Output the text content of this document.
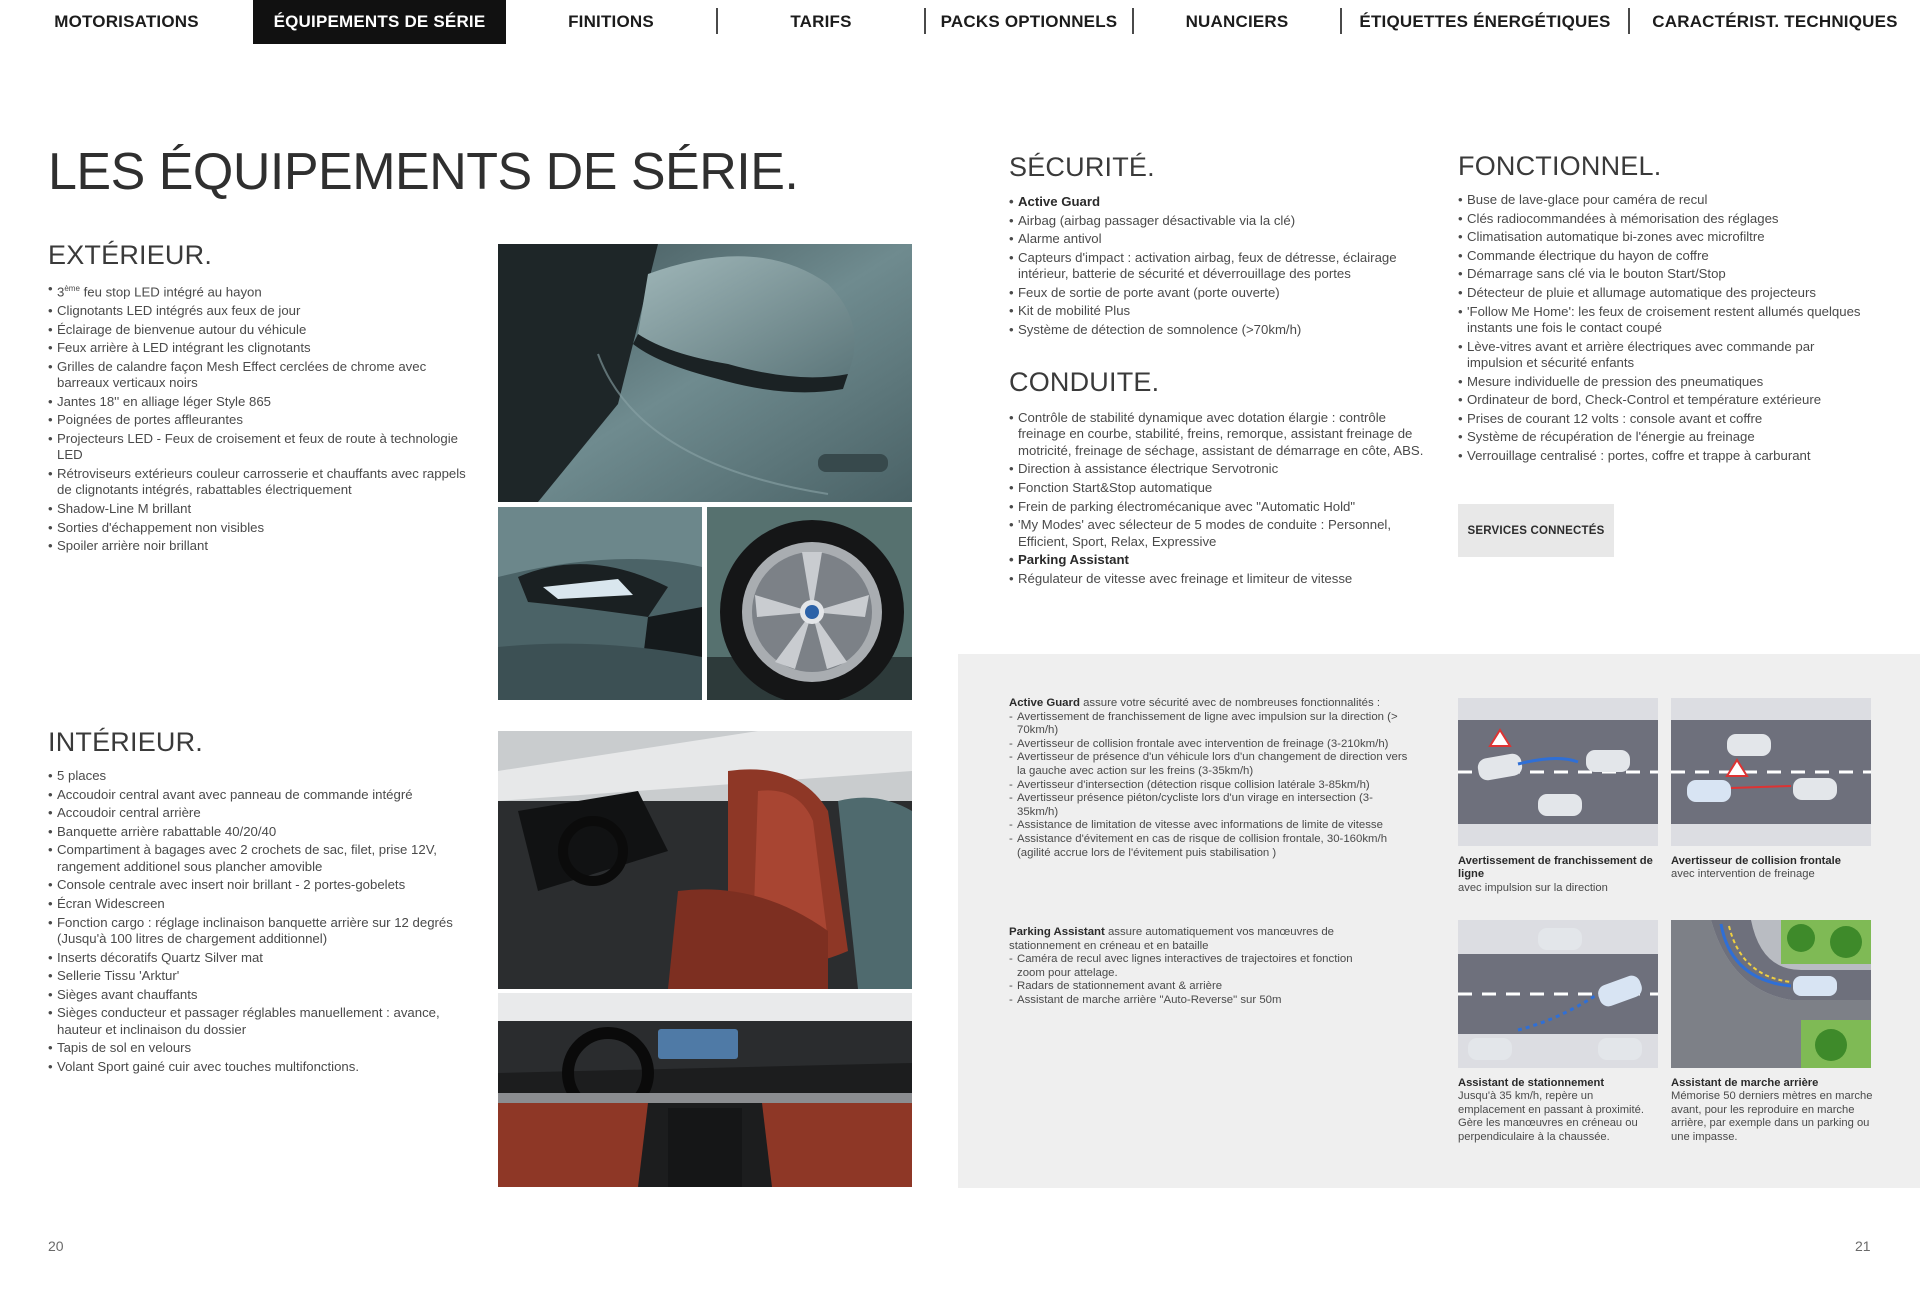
MOTORISATIONS	ÉQUIPEMENTS DE SÉRIE	FINITIONS	TARIFS	PACKS OPTIONNELS	NUANCIERS	ÉTIQUETTES ÉNERGÉTIQUES	CARACTÉRIST. TECHNIQUES
LES ÉQUIPEMENTS DE SÉRIE.
EXTÉRIEUR.
• 3ème feu stop LED intégré au hayon
• Clignotants LED intégrés aux feux de jour
• Éclairage de bienvenue autour du véhicule
• Feux arrière à LED intégrant les clignotants
• Grilles de calandre façon Mesh Effect cerclées de chrome avec barreaux verticaux noirs
• Jantes 18'' en alliage léger Style 865
• Poignées de portes affleurantes
• Projecteurs LED - Feux de croisement et feux de route à technologie LED
• Rétroviseurs extérieurs couleur carrosserie et chauffants avec rappels de clignotants intégrés, rabattables électriquement
• Shadow-Line M brillant
• Sorties d'échappement non visibles
• Spoiler arrière noir brillant
INTÉRIEUR.
• 5 places
• Accoudoir central avant avec panneau de commande intégré
• Accoudoir central arrière
• Banquette arrière rabattable 40/20/40
• Compartiment à bagages avec 2 crochets de sac, filet, prise 12V, rangement additionel sous plancher amovible
• Console centrale avec insert noir brillant - 2 portes-gobelets
• Écran Widescreen
• Fonction cargo : réglage inclinaison banquette arrière sur 12 degrés (Jusqu'à 100 litres de chargement additionnel)
• Inserts décoratifs Quartz Silver mat
• Sellerie Tissu 'Arktur'
• Sièges avant chauffants
• Sièges conducteur et passager réglables manuellement : avance, hauteur et inclinaison du dossier
• Tapis de sol en velours
• Volant Sport gainé cuir avec touches multifonctions.
20
SÉCURITÉ.
• Active Guard
• Airbag (airbag passager désactivable via la clé)
• Alarme antivol
• Capteurs d'impact : activation airbag, feux de détresse, éclairage intérieur, batterie de sécurité et déverrouillage des portes
• Feux de sortie de porte avant (porte ouverte)
• Kit de mobilité Plus
• Système de détection de somnolence (>70km/h)
CONDUITE.
• Contrôle de stabilité dynamique avec dotation élargie : contrôle freinage en courbe, stabilité, freins, remorque, assistant freinage de motricité, freinage de séchage, assistant de démarrage en côte, ABS.
• Direction à assistance électrique Servotronic
• Fonction Start&Stop automatique
• Frein de parking électromécanique avec "Automatic Hold"
• 'My Modes' avec sélecteur de 5 modes de conduite : Personnel, Efficient, Sport, Relax, Expressive
• Parking Assistant
• Régulateur de vitesse avec freinage et limiteur de vitesse
FONCTIONNEL.
• Buse de lave-glace pour caméra de recul
• Clés radiocommandées à mémorisation des réglages
• Climatisation automatique bi-zones avec microfiltre
• Commande électrique du hayon de coffre
• Démarrage sans clé via le bouton Start/Stop
• Détecteur de pluie et allumage automatique des projecteurs
• 'Follow Me Home': les feux de croisement restent allumés quelques instants une fois le contact coupé
• Lève-vitres avant et arrière électriques avec commande par impulsion et sécurité enfants
• Mesure individuelle de pression des pneumatiques
• Ordinateur de bord, Check-Control et température extérieure
• Prises de courant 12 volts : console avant et coffre
• Système de récupération de l'énergie au freinage
• Verrouillage centralisé : portes, coffre et trappe à carburant
SERVICES CONNECTÉS
Active Guard assure votre sécurité avec de nombreuses fonctionnalités :
- Avertissement de franchissement de ligne avec impulsion sur la direction (> 70km/h)
- Avertisseur de collision frontale avec intervention de freinage (3-210km/h)
- Avertisseur de présence d'un véhicule lors d'un changement de direction vers la gauche avec action sur les freins (3-35km/h)
- Avertisseur d'intersection (détection risque collision latérale 3-85km/h)
- Avertisseur présence piéton/cycliste lors d'un virage en intersection (3-35km/h)
- Assistance de limitation de vitesse avec informations de limite de vitesse
- Assistance d'évitement en cas de risque de collision frontale, 30-160km/h (agilité accrue lors de l'évitement puis stabilisation )
Parking Assistant assure automatiquement vos manœuvres de stationnement en créneau et en bataille
- Caméra de recul avec lignes interactives de trajectoires et fonction zoom pour attelage.
- Radars de stationnement avant & arrière
- Assistant de marche arrière "Auto-Reverse" sur 50m
Avertissement de franchissement de ligne
avec impulsion sur la direction
Avertisseur de collision frontale
avec intervention de freinage
Assistant de stationnement
Jusqu'à 35 km/h, repère un emplacement en passant à proximité. Gère les manœuvres en créneau ou perpendiculaire à la chaussée.
Assistant de marche arrière
Mémorise 50 derniers mètres en marche avant, pour les reproduire en marche arrière, par exemple dans un parking ou une impasse.
21
